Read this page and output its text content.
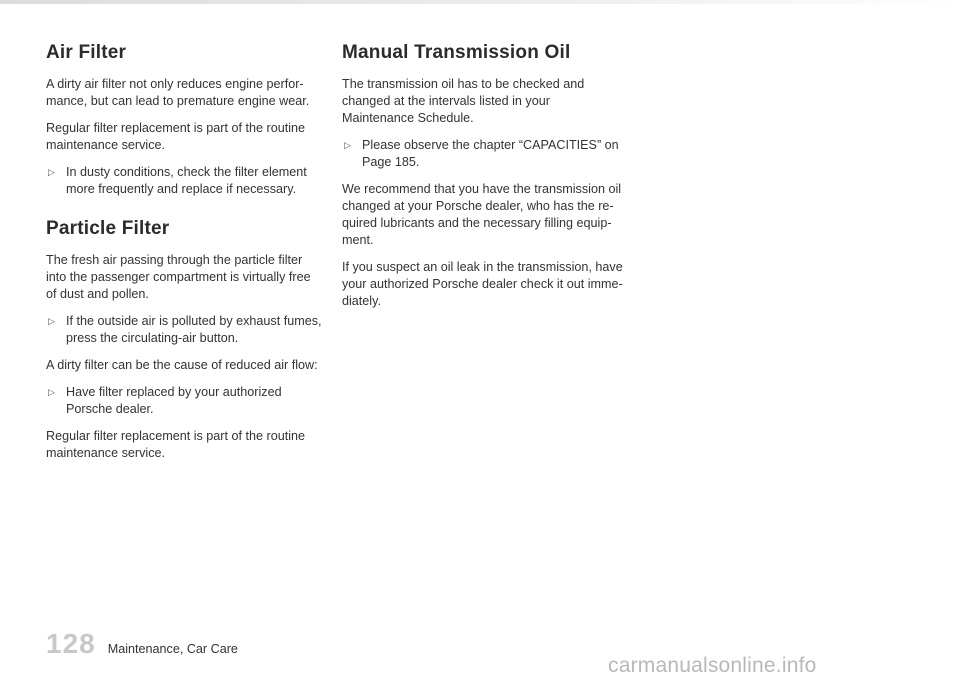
Air Filter

A dirty air filter not only reduces engine perfor-mance, but can lead to premature engine wear.

Regular filter replacement is part of the routine maintenance service.

▷ In dusty conditions, check the filter element more frequently and replace if necessary.

Particle Filter

The fresh air passing through the particle filter into the passenger compartment is virtually free of dust and pollen.

▷ If the outside air is polluted by exhaust fumes, press the circulating-air button.

A dirty filter can be the cause of reduced air flow:

▷ Have filter replaced by your authorized Porsche dealer.

Regular filter replacement is part of the routine maintenance service.

Manual Transmission Oil

The transmission oil has to be checked and changed at the intervals listed in your Maintenance Schedule.

▷ Please observe the chapter “CAPACITIES” on Page 185.

We recommend that you have the transmission oil changed at your Porsche dealer, who has the re-quired lubricants and the necessary filling equip-ment.

If you suspect an oil leak in the transmission, have your authorized Porsche dealer check it out imme-diately.

128 Maintenance, Car Care
carmanualsonline.info
